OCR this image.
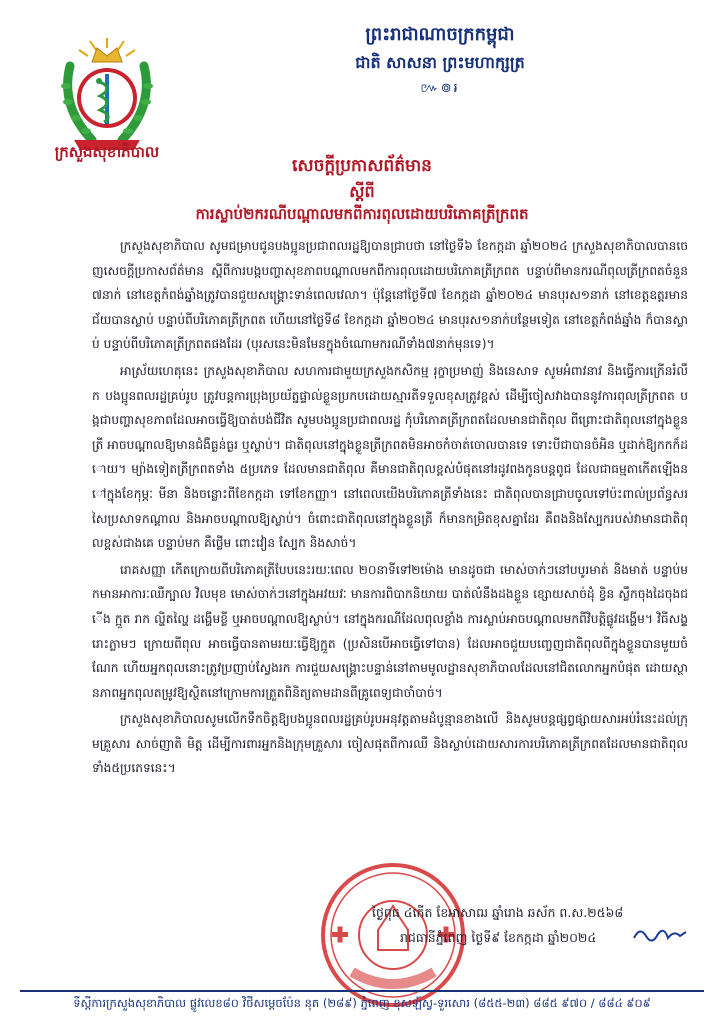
ក្រសួងសុខាភិបាល
ព្រះរាជាណាចក្រកម្ពុជា
ជាតិ សាសនា ព្រះមហាក្សត្រ
៚៙៛
សេចក្តីប្រកាសព័ត៌មាន
ស្តីពី
ការស្លាប់២ករណីបណ្តាលមកពីការពុលដោយបរិភោគត្រីក្រពត

ក្រសួងសុខាភិបាល សូមជម្រាបជូនបងប្អូនប្រជាពលរដ្ឋឱ្យបានជ្រាបថា នៅថ្ងៃទី៦ ខែកក្កដា ឆ្នាំ២០២៤ ក្រសួងសុខាភិបាលបានចេញសេចក្តីប្រកាសព័ត៌មាន ស្តីពីការបង្កបញ្ហាសុខភាពបណ្តាលមកពីការពុលដោយបរិភោគត្រីក្រពត បន្ទាប់ពីមានករណីពុលត្រីក្រពតចំនួន៧នាក់ នៅខេត្តកំពង់ឆ្នាំងត្រូវបានជួយសង្គ្រោះទាន់ពេលវេលា។ ប៉ុន្តែនៅថ្ងៃទី៧ ខែកក្កដា ឆ្នាំ២០២៤ មានបុរស១នាក់ នៅខេត្តឧត្តរមានជ័យបានស្លាប់ បន្ទាប់ពីបរិភោគត្រីក្រពត ហើយនៅថ្ងៃទី៨ ខែកក្កដា ឆ្នាំ២០២៤ មានបុរស១នាក់បន្ថែមទៀត នៅខេត្តកំពង់ឆ្នាំង ក៏បានស្លាប់ បន្ទាប់ពីបរិភោគត្រីក្រពតផងដែរ (បុរសនេះមិនមែនក្នុងចំណោមករណីទាំង៧នាក់មុនទេ)។

អាស្រ័យហេតុនេះ ក្រសួងសុខាភិបាល សហការជាមួយក្រសួងកសិកម្ម រុក្ខាប្រមាញ់ និងនេសាទ សូមអំពាវនាវ និងធ្វើការក្រើនរំលឹក បងប្អូនពលរដ្ឋគ្រប់រូប ត្រូវបន្តការប្រុងប្រយ័ត្នផ្ទាល់ខ្លួនប្រកបដោយស្មារតីទទួលខុសត្រូវខ្ពស់ ដើម្បីចៀសវាងបាននូវការពុលត្រីក្រពត បង្កជាបញ្ហាសុខភាពដែលអាចធ្វើឱ្យបាត់បង់ជីវិត សូមបងប្អូនប្រជាពលរដ្ឋ កុំបរិភោគត្រីក្រពតដែលមានជាតិពុល ពីព្រោះជាតិពុលនៅក្នុងខ្លួនត្រី អាចបណ្តាលឱ្យមានជំងឺធ្ងន់ធ្ងរ ឬស្លាប់។ ជាតិពុលនៅក្នុងខ្លួនត្រីក្រពតមិនអាចកំចាត់ចោលបានទេ ទោះបីជាបានចំអិន ឬដាក់ឱ្យកកក៏ដោយ។ ម្យ៉ាងទៀតត្រីក្រពតទាំង ៥ប្រភេទ ដែលមានជាតិពុល គឺមានជាតិពុលខ្ពស់បំផុតនៅរដូវពងកូនបន្តពូជ ដែលជាធម្មតាកើតឡើងនៅក្នុងខែកុម្ភៈ មីនា និងចន្លោះពីខែកក្កដា ទៅខែកញ្ញា។ នៅពេលយើងបរិភោគត្រីទាំងនេះ ជាតិពុលបានជ្រាបចូលទៅប៉ះពាល់ប្រព័ន្ធសរសៃប្រសាទកណ្តាល និងអាចបណ្តាលឱ្យស្លាប់។ ចំពោះជាតិពុលនៅក្នុងខ្លួនត្រី ក៏មានកម្រិតខុសគ្នាដែរ គឺពងនិងស្បែករបស់វាមានជាតិពុលខ្ពស់ជាងគេ បន្ទាប់មក គឺថ្លើម ពោះវៀន ស្បែក និងសាច់។

រោគសញ្ញា កើតក្រោយពីបរិភោគត្រីបែបនេះរយៈពេល ២០នាទីទៅ២ម៉ោង មានដូចជា មោស់ចាក់ៗនៅបបូរមាត់ និងមាត់ បន្ទាប់មកមានអាការៈឈឺក្បាល វិលមុខ មោស់ចាក់ៗនៅក្នុងអវយវៈ មានការពិបាកនិយាយ បាត់លំនឹងដងខ្លួន ខ្សោយសាច់ដុំ ខ្វិន ស្លឹកចុងដៃចុងជើង ក្អួត រាក ល្ហិតល្ហៃ ដង្ហើមខ្លី ឬអាចបណ្តាលឱ្យស្លាប់។ នៅក្នុងករណីដែលពុលខ្លាំង ការស្លាប់អាចបណ្តាលមកពីវិបត្តិផ្លូវដង្ហើម។ វិធីសង្គ្រោះភ្លាមៗ ក្រោយពីពុល អាចធ្វើបានតាមរយៈធ្វើឱ្យក្អួត (ប្រសិនបើអាចធ្វើទៅបាន) ដែលអាចជួយបញ្ចេញជាតិពុលពីក្នុងខ្លួនបានមួយចំណែក ហើយអ្នកពុលនោះត្រូវប្រញាប់ស្វែងរក ការជួយសង្គ្រោះបន្ទាន់នៅតាមមូលដ្ឋានសុខាភិបាលដែលនៅជិតលោកអ្នកបំផុត ដោយស្ថានភាពអ្នកពុលតម្រូវឱ្យស្ថិតនៅក្រោមការត្រួតពិនិត្យតាមដានពីគ្រូពេទ្យជាចាំបាច់។

ក្រសួងសុខាភិបាលសូមលើកទឹកចិត្តឱ្យបងប្អូនពលរដ្ឋគ្រប់រូបអនុវត្តតាមដំបូន្មានខាងលើ និងសូមបន្តផ្សព្វផ្សាយសារអប់រំនេះដល់ក្រុមគ្រួសារ សាច់ញាតិ មិត្ត ដើម្បីការពារអ្នកនិងក្រុមគ្រួសារ ចៀសផុតពីការឈឺ និងស្លាប់ដោយសារការបរិភោគត្រីក្រពតដែលមានជាតិពុលទាំង៥ប្រភេទនេះ។

ថ្ងៃពុធ ៤កើត ខែអាសាឍ ឆ្នាំរោង ឆស័ក ព.ស.២៥៦៨
រាជធានីភ្នំពេញ ថ្ងៃទី៩ ខែកក្កដា ឆ្នាំ២០២៤
ទីស្តីការក្រសួងសុខាភិបាល ផ្លូវលេខ៨០ វិថីសម្តេចប៉ែន នុត (២៨៩) ភ្នំពេញ ខុសឡ៍ស្វ-ទួរសោរ (៨៥៥-២៣) ៨៨៥ ៩៧០ / ៨៨៤ ៩០៩
